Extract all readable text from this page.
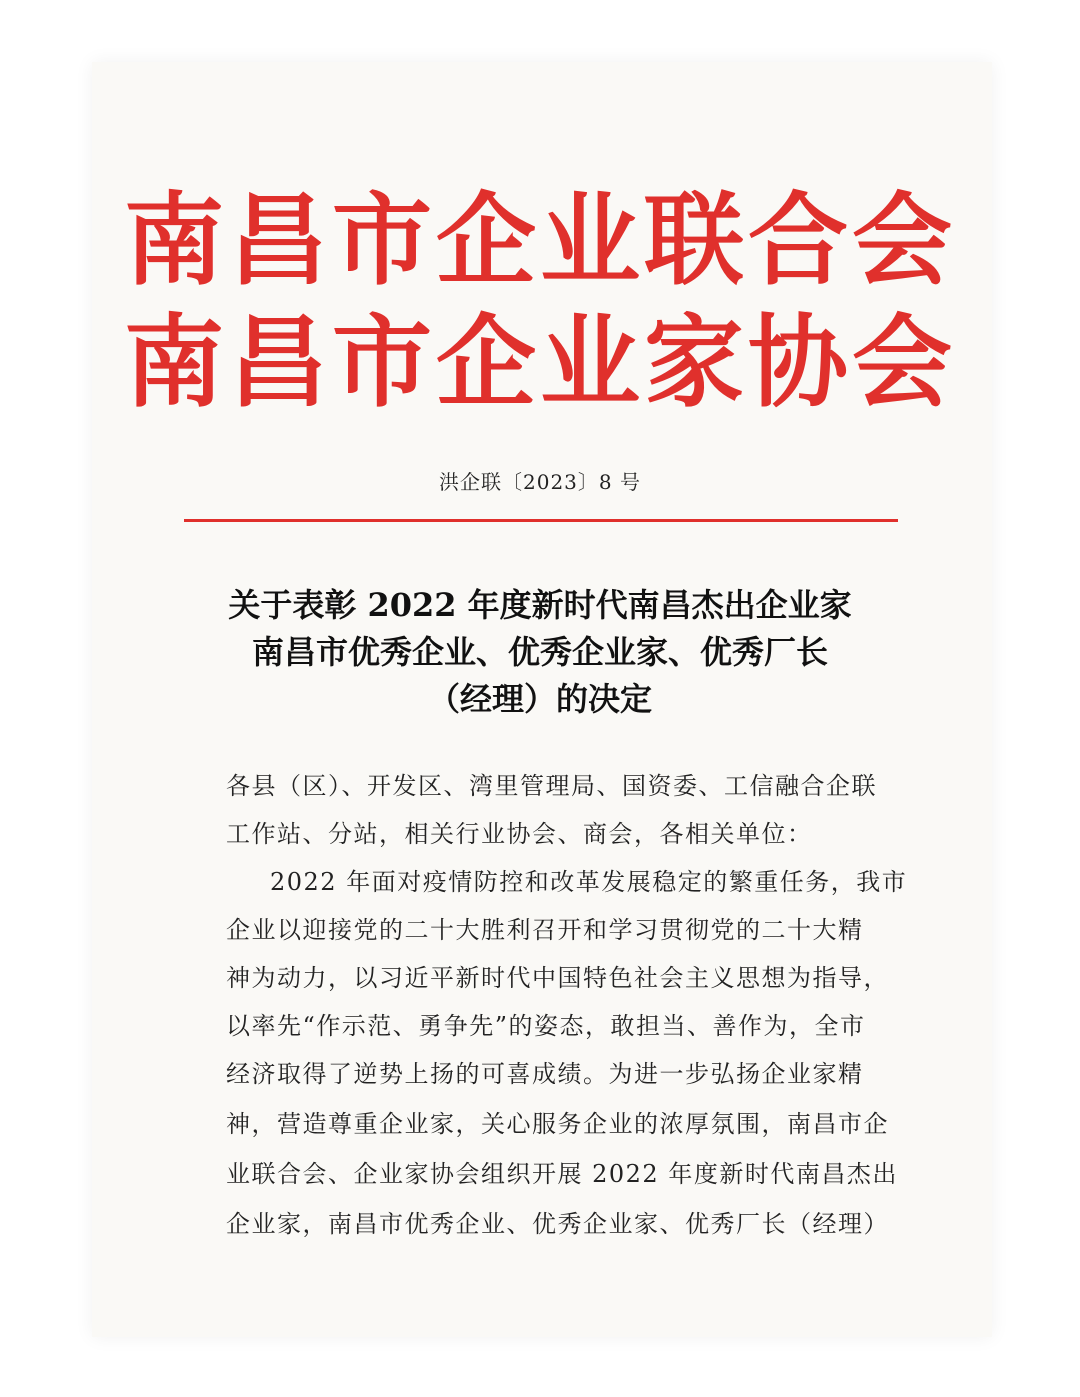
南昌市企业联合会
南昌市企业家协会
洪企联〔2023〕8 号
关于表彰 2022 年度新时代南昌杰出企业家
南昌市优秀企业、优秀企业家、优秀厂长
（经理）的决定
各县（区）、开发区、湾里管理局、国资委、工信融合企联
工作站、分站，相关行业协会、商会，各相关单位：
2022 年面对疫情防控和改革发展稳定的繁重任务，我市
企业以迎接党的二十大胜利召开和学习贯彻党的二十大精
神为动力，以习近平新时代中国特色社会主义思想为指导，
以率先“作示范、勇争先”的姿态，敢担当、善作为，全市
经济取得了逆势上扬的可喜成绩。为进一步弘扬企业家精
神，营造尊重企业家，关心服务企业的浓厚氛围，南昌市企
业联合会、企业家协会组织开展 2022 年度新时代南昌杰出
企业家，南昌市优秀企业、优秀企业家、优秀厂长（经理）
